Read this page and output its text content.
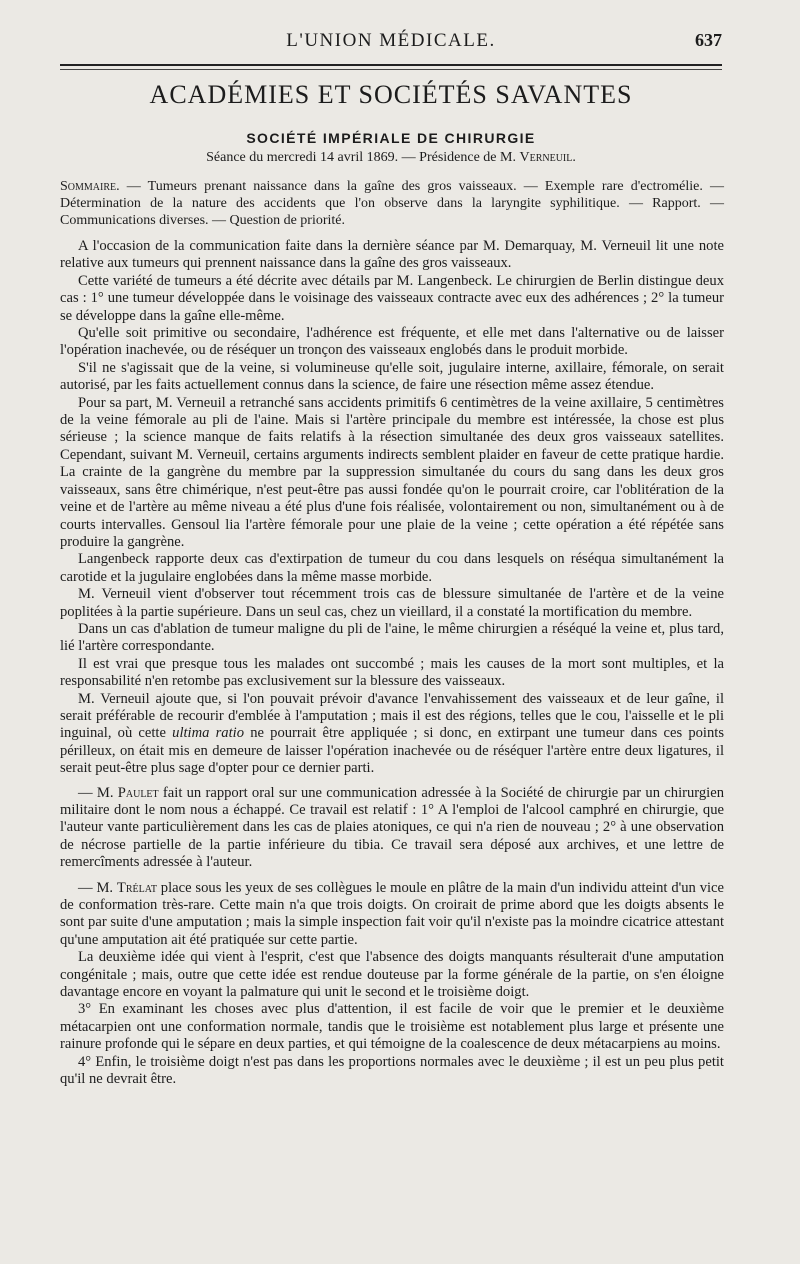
L'UNION MÉDICALE.	637
ACADÉMIES ET SOCIÉTÉS SAVANTES
SOCIÉTÉ IMPÉRIALE DE CHIRURGIE
Séance du mercredi 14 avril 1869. — Présidence de M. Verneuil.
Sommaire. — Tumeurs prenant naissance dans la gaîne des gros vaisseaux. — Exemple rare d'ectromélie. — Détermination de la nature des accidents que l'on observe dans la laryngite syphilitique. — Rapport. — Communications diverses. — Question de priorité.

A l'occasion de la communication faite dans la dernière séance par M. Demarquay, M. Verneuil lit une note relative aux tumeurs qui prennent naissance dans la gaîne des gros vaisseaux.

Cette variété de tumeurs a été décrite avec détails par M. Langenbeck. Le chirurgien de Berlin distingue deux cas : 1° une tumeur développée dans le voisinage des vaisseaux contracte avec eux des adhérences ; 2° la tumeur se développe dans la gaîne elle-même.

Qu'elle soit primitive ou secondaire, l'adhérence est fréquente, et elle met dans l'alternative ou de laisser l'opération inachevée, ou de réséquer un tronçon des vaisseaux englobés dans le produit morbide.

S'il ne s'agissait que de la veine, si volumineuse qu'elle soit, jugulaire interne, axillaire, fémorale, on serait autorisé, par les faits actuellement connus dans la science, de faire une résection même assez étendue.

Pour sa part, M. Verneuil a retranché sans accidents primitifs 6 centimètres de la veine axillaire, 5 centimètres de la veine fémorale au pli de l'aine. Mais si l'artère principale du membre est intéressée, la chose est plus sérieuse ; la science manque de faits relatifs à la résection simultanée des deux gros vaisseaux satellites. Cependant, suivant M. Verneuil, certains arguments indirects semblent plaider en faveur de cette pratique hardie. La crainte de la gangrène du membre par la suppression simultanée du cours du sang dans les deux gros vaisseaux, sans être chimérique, n'est peut-être pas aussi fondée qu'on le pourrait croire, car l'oblitération de la veine et de l'artère au même niveau a été plus d'une fois réalisée, volontairement ou non, simultanément ou à de courts intervalles. Gensoul lia l'artère fémorale pour une plaie de la veine ; cette opération a été répétée sans produire la gangrène.

Langenbeck rapporte deux cas d'extirpation de tumeur du cou dans lesquels on réséqua simultanément la carotide et la jugulaire englobées dans la même masse morbide.

M. Verneuil vient d'observer tout récemment trois cas de blessure simultanée de l'artère et de la veine poplitées à la partie supérieure. Dans un seul cas, chez un vieillard, il a constaté la mortification du membre.

Dans un cas d'ablation de tumeur maligne du pli de l'aine, le même chirurgien a réséqué la veine et, plus tard, lié l'artère correspondante.

Il est vrai que presque tous les malades ont succombé ; mais les causes de la mort sont multiples, et la responsabilité n'en retombe pas exclusivement sur la blessure des vaisseaux.

M. Verneuil ajoute que, si l'on pouvait prévoir d'avance l'envahissement des vaisseaux et de leur gaîne, il serait préférable de recourir d'emblée à l'amputation ; mais il est des régions, telles que le cou, l'aisselle et le pli inguinal, où cette ultima ratio ne pourrait être appliquée ; si donc, en extirpant une tumeur dans ces points périlleux, on était mis en demeure de laisser l'opération inachevée ou de réséquer l'artère entre deux ligatures, il serait peut-être plus sage d'opter pour ce dernier parti.

— M. Paulet fait un rapport oral sur une communication adressée à la Société de chirurgie par un chirurgien militaire dont le nom nous a échappé. Ce travail est relatif : 1° A l'emploi de l'alcool camphré en chirurgie, que l'auteur vante particulièrement dans les cas de plaies atoniques, ce qui n'a rien de nouveau ; 2° à une observation de nécrose partielle de la partie inférieure du tibia. Ce travail sera déposé aux archives, et une lettre de remercîments adressée à l'auteur.

— M. Trélat place sous les yeux de ses collègues le moule en plâtre de la main d'un individu atteint d'un vice de conformation très-rare. Cette main n'a que trois doigts. On croirait de prime abord que les doigts absents le sont par suite d'une amputation ; mais la simple inspection fait voir qu'il n'existe pas la moindre cicatrice attestant qu'une amputation ait été pratiquée sur cette partie.

La deuxième idée qui vient à l'esprit, c'est que l'absence des doigts manquants résulterait d'une amputation congénitale ; mais, outre que cette idée est rendue douteuse par la forme générale de la partie, on s'en éloigne davantage encore en voyant la palmature qui unit le second et le troisième doigt.

3° En examinant les choses avec plus d'attention, il est facile de voir que le premier et le deuxième métacarpien ont une conformation normale, tandis que le troisième est notablement plus large et présente une rainure profonde qui le sépare en deux parties, et qui témoigne de la coalescence de deux métacarpiens au moins.

4° Enfin, le troisième doigt n'est pas dans les proportions normales avec le deuxième ; il est un peu plus petit qu'il ne devrait être.
